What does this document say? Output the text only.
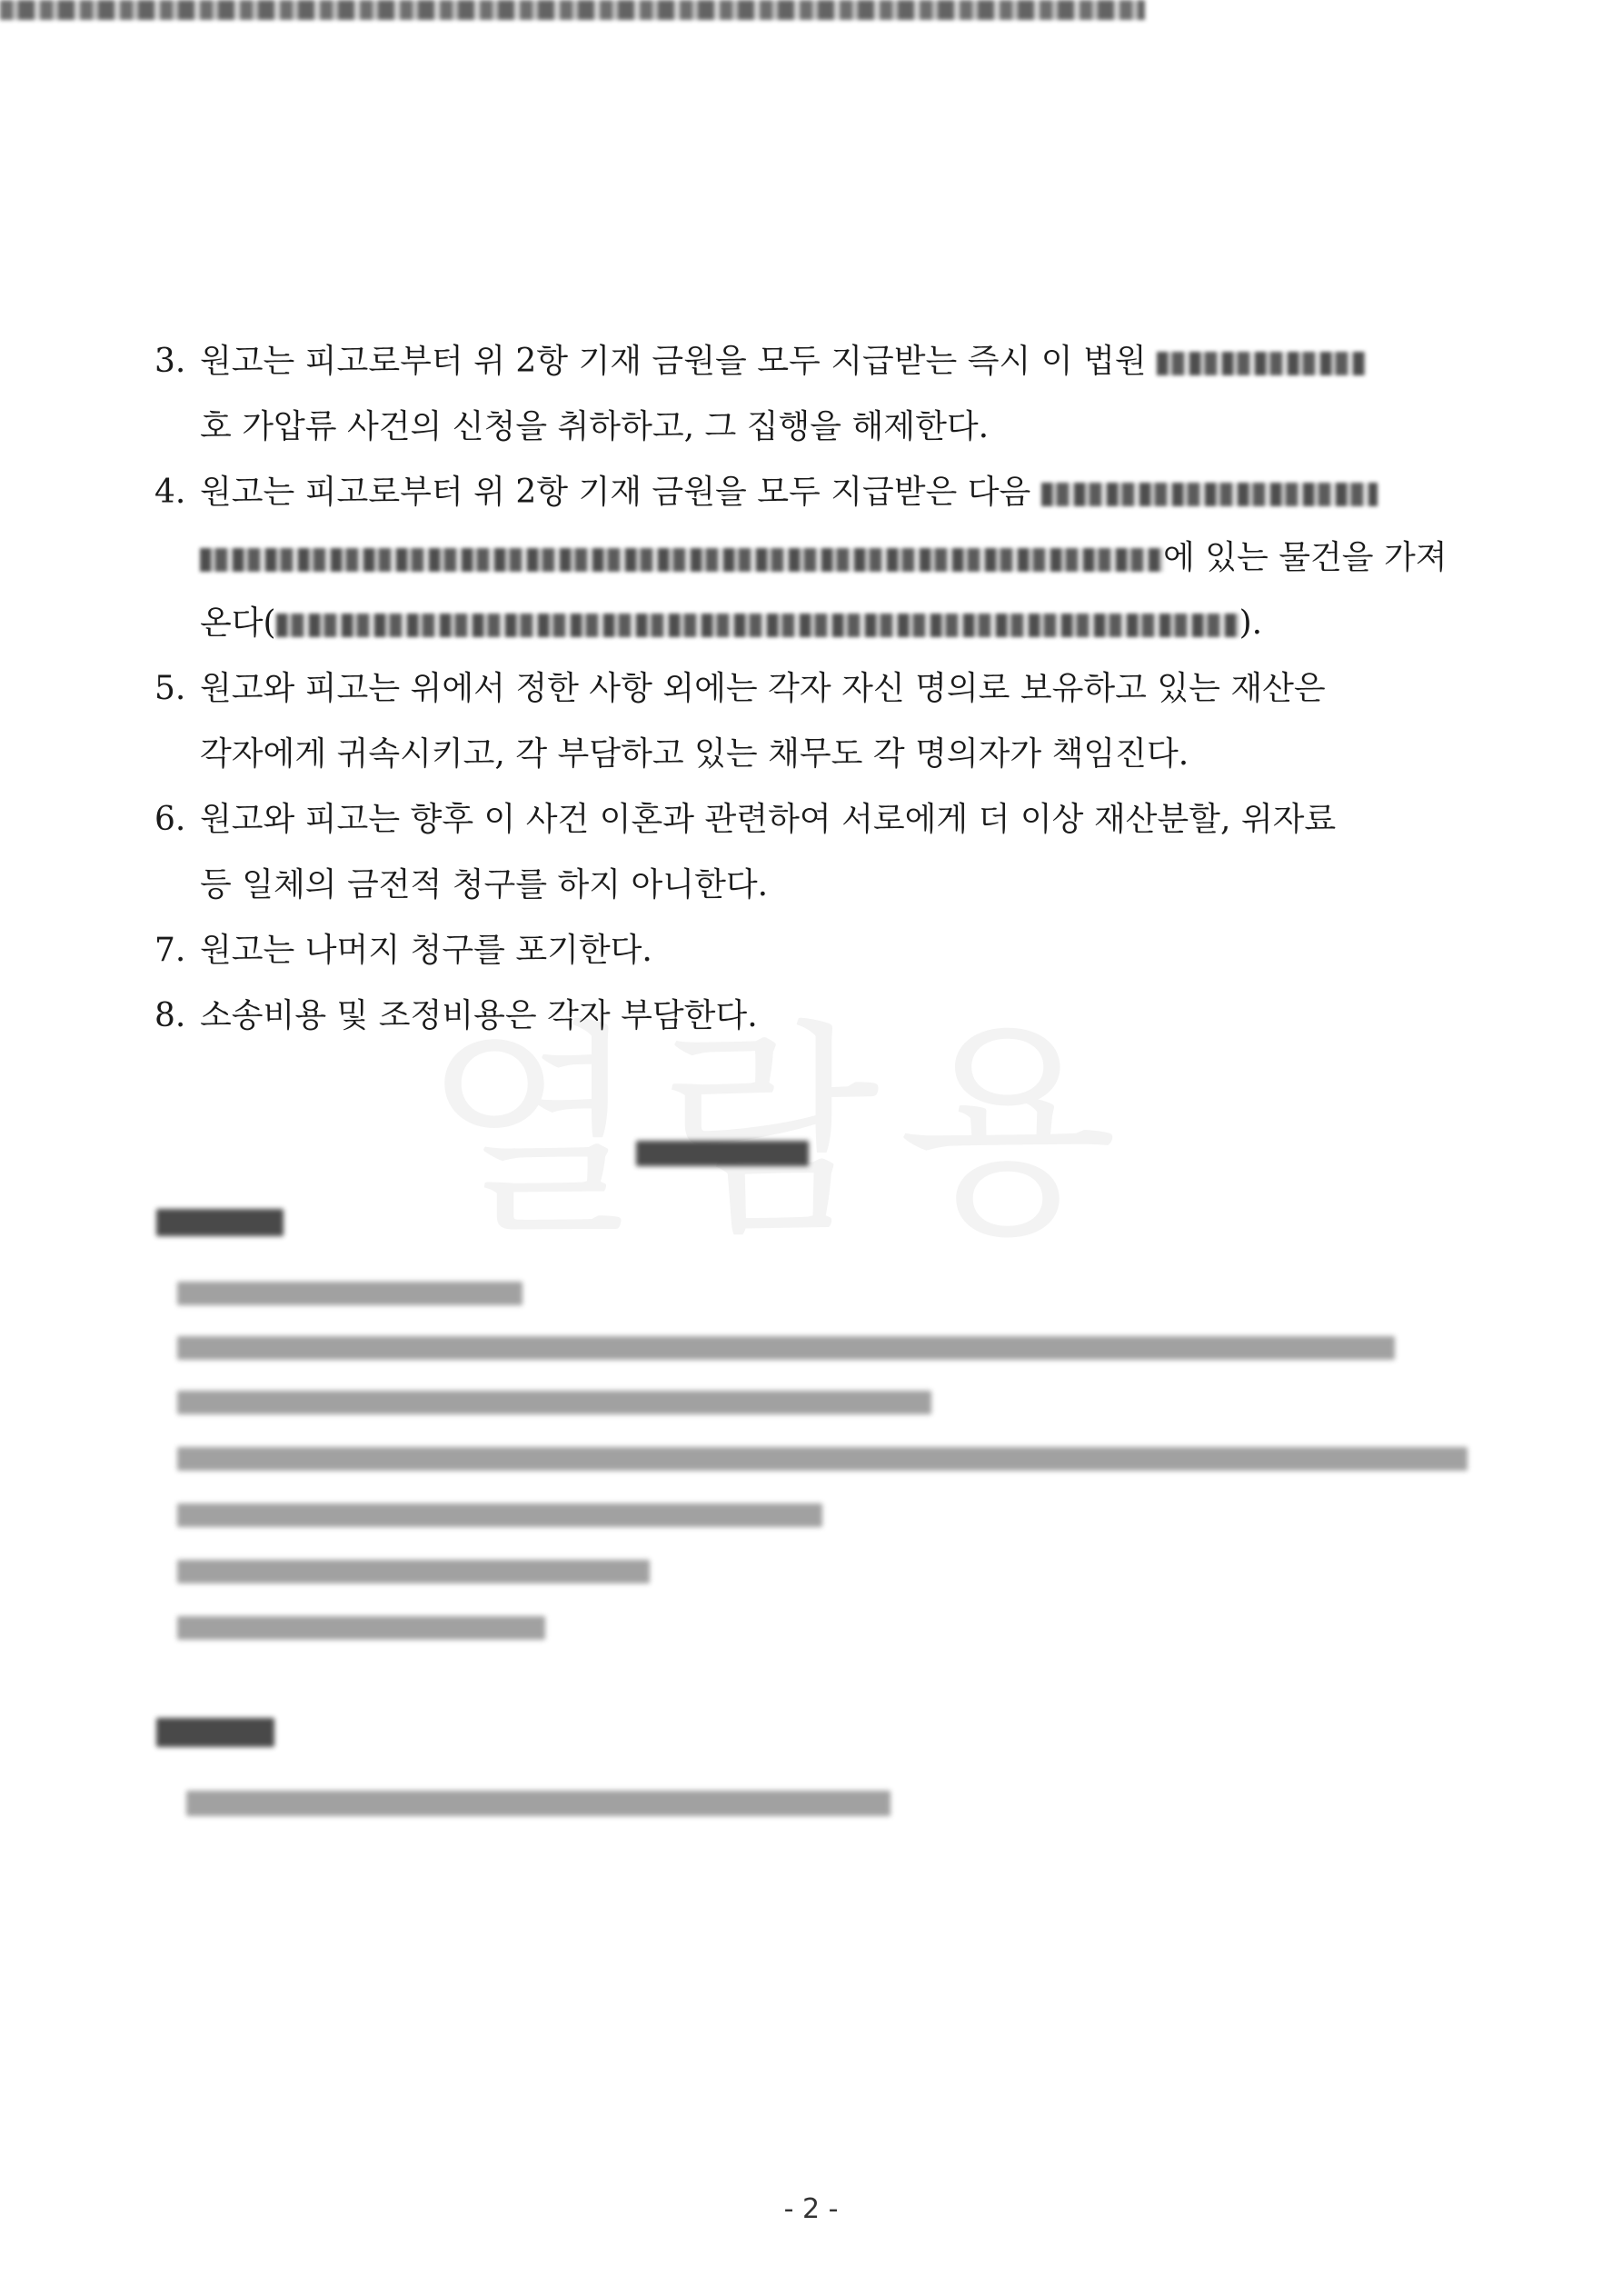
3. 원고는 피고로부터 위 2항 기재 금원을 모두 지급받는 즉시 이 법원
호 가압류 사건의 신청을 취하하고, 그 집행을 해제한다.
4. 원고는 피고로부터 위 2항 기재 금원을 모두 지급받은 다음
에 있는 물건을 가져
온다(	).
5. 원고와 피고는 위에서 정한 사항 외에는 각자 자신 명의로 보유하고 있는 재산은
각자에게 귀속시키고, 각 부담하고 있는 채무도 각 명의자가 책임진다.
6. 원고와 피고는 향후 이 사건 이혼과 관련하여 서로에게 더 이상 재산분할, 위자료
등 일체의 금전적 청구를 하지 아니한다.
7. 원고는 나머지 청구를 포기한다.
8. 소송비용 및 조정비용은 각자 부담한다.
- 2 -
